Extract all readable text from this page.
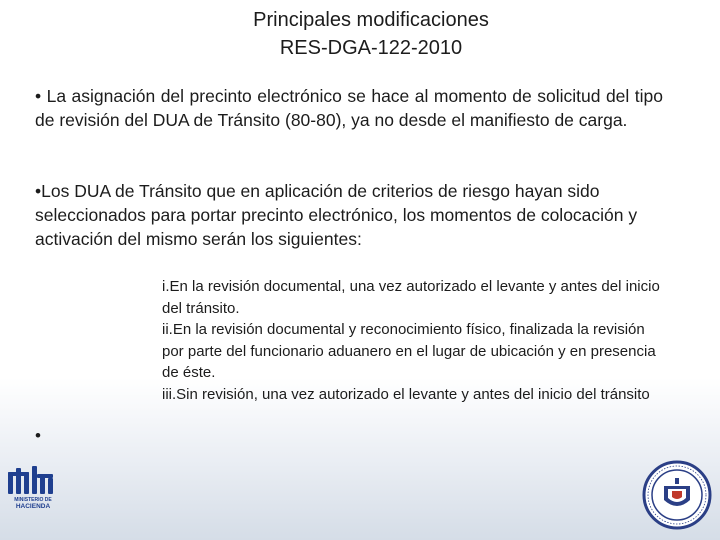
Principales modificaciones
RES-DGA-122-2010
• La asignación del precinto electrónico se hace al momento de solicitud del tipo de revisión del DUA de Tránsito (80-80), ya no desde el manifiesto de carga.
•Los DUA de Tránsito que en aplicación de criterios de riesgo hayan sido seleccionados para portar precinto electrónico, los momentos de colocación y activación del mismo serán los siguientes:
i.En la revisión documental, una vez autorizado el levante y antes del inicio del tránsito.
ii.En la revisión documental y reconocimiento físico, finalizada la revisión por parte del funcionario aduanero en el lugar de ubicación y en presencia de éste.
iii.Sin revisión, una vez autorizado el levante y antes del inicio del tránsito
•
MINISTERIO DE
HACIENDA
